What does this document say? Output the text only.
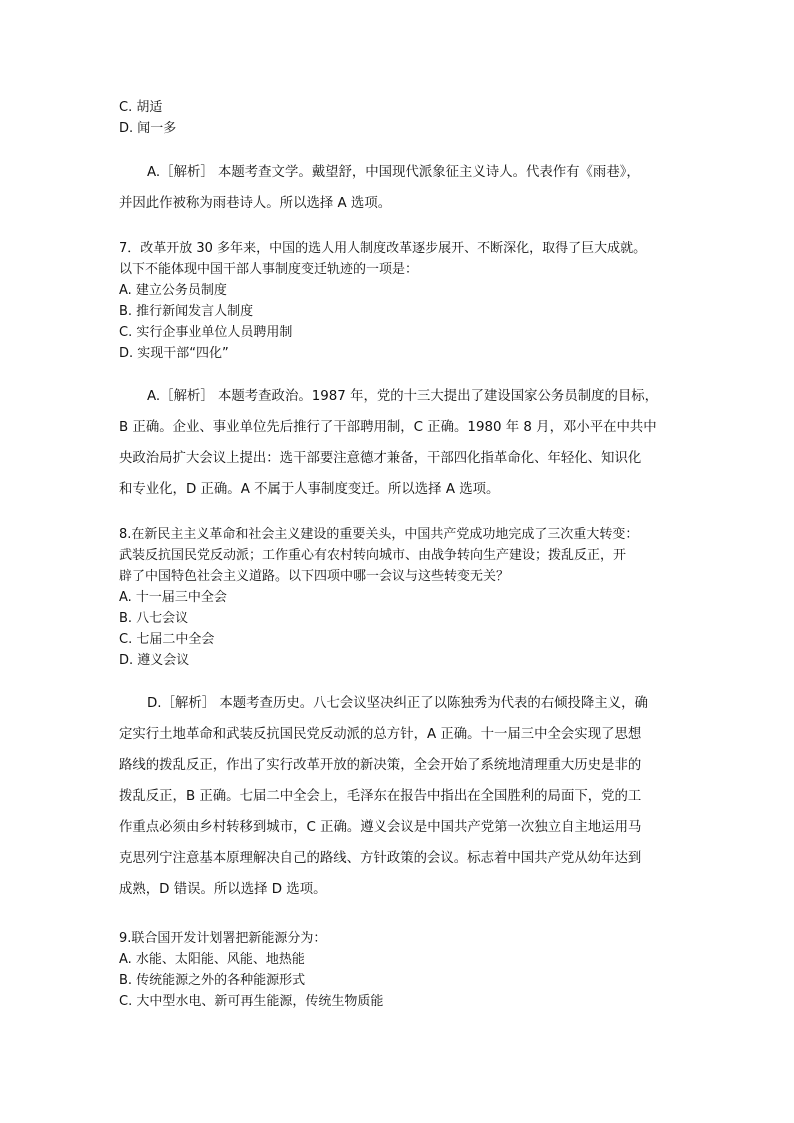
C. 胡适
D. 闻一多
A.［解析］ 本题考查文学。戴望舒，中国现代派象征主义诗人。代表作有《雨巷》，
并因此作被称为雨巷诗人。所以选择 A 选项。
7．改革开放 30 多年来，中国的选人用人制度改革逐步展开、不断深化，取得了巨大成就。
以下不能体现中国干部人事制度变迁轨迹的一项是：
A. 建立公务员制度
B. 推行新闻发言人制度
C. 实行企事业单位人员聘用制
D. 实现干部“四化”
A.［解析］ 本题考查政治。1987 年，党的十三大提出了建设国家公务员制度的目标，
B 正确。企业、事业单位先后推行了干部聘用制，C 正确。1980 年 8 月，邓小平在中共中
央政治局扩大会议上提出：选干部要注意德才兼备，干部四化指革命化、年轻化、知识化
和专业化，D 正确。A 不属于人事制度变迁。所以选择 A 选项。
8.在新民主主义革命和社会主义建设的重要关头，中国共产党成功地完成了三次重大转变：
武装反抗国民党反动派；工作重心有农村转向城市、由战争转向生产建设；拨乱反正，开
辟了中国特色社会主义道路。以下四项中哪一会议与这些转变无关？
A. 十一届三中全会
B. 八七会议
C. 七届二中全会
D. 遵义会议
D.［解析］ 本题考查历史。八七会议坚决纠正了以陈独秀为代表的右倾投降主义，确
定实行土地革命和武装反抗国民党反动派的总方针，A 正确。十一届三中全会实现了思想
路线的拨乱反正，作出了实行改革开放的新决策，全会开始了系统地清理重大历史是非的
拨乱反正，B 正确。七届二中全会上，毛泽东在报告中指出在全国胜利的局面下，党的工
作重点必须由乡村转移到城市，C 正确。遵义会议是中国共产党第一次独立自主地运用马
克思列宁注意基本原理解决自己的路线、方针政策的会议。标志着中国共产党从幼年达到
成熟，D 错误。所以选择 D 选项。
9.联合国开发计划署把新能源分为：
A. 水能、太阳能、风能、地热能
B. 传统能源之外的各种能源形式
C. 大中型水电、新可再生能源，传统生物质能
